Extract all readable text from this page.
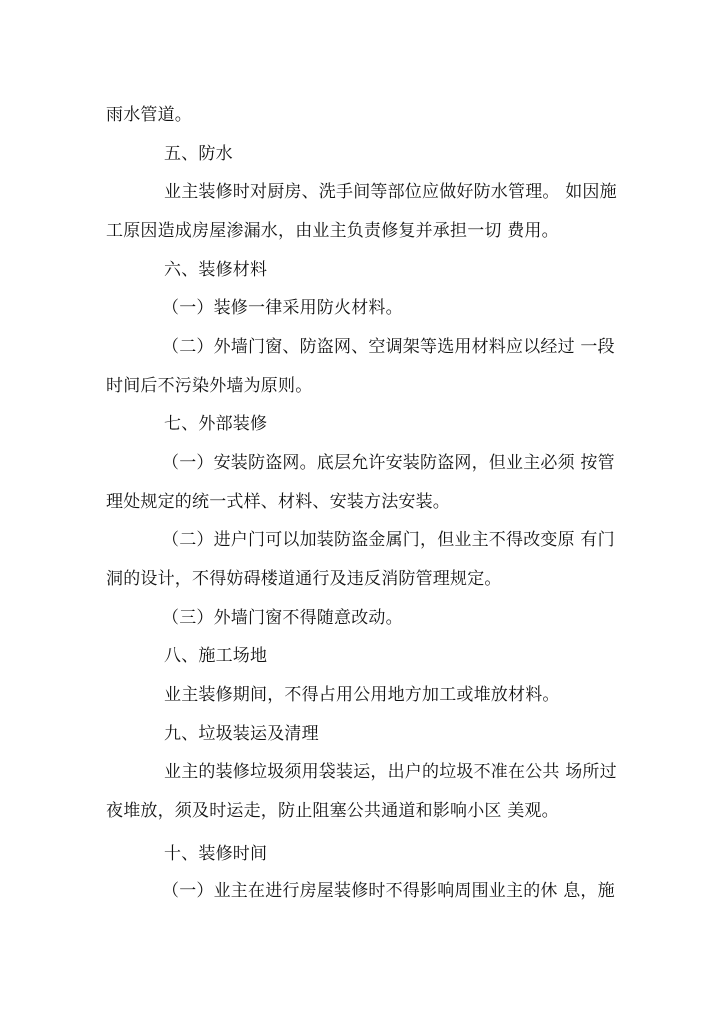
雨水管道。
五、防水
业主装修时对厨房、洗手间等部位应做好防水管理。 如因施
工原因造成房屋渗漏水，由业主负责修复并承担一切 费用。
六、装修材料
（一）装修一律采用防火材料。
（二）外墙门窗、防盗网、空调架等选用材料应以经过 一段
时间后不污染外墙为原则。
七、外部装修
（一）安装防盗网。底层允许安装防盗网，但业主必须 按管
理处规定的统一式样、材料、安装方法安装。
（二）进户门可以加装防盗金属门，但业主不得改变原 有门
洞的设计，不得妨碍楼道通行及违反消防管理规定。
（三）外墙门窗不得随意改动。
八、施工场地
业主装修期间，不得占用公用地方加工或堆放材料。
九、垃圾装运及清理
业主的装修垃圾须用袋装运，出户的垃圾不准在公共 场所过
夜堆放，须及时运走，防止阻塞公共通道和影响小区 美观。
十、装修时间
（一）业主在进行房屋装修时不得影响周围业主的休 息，施
